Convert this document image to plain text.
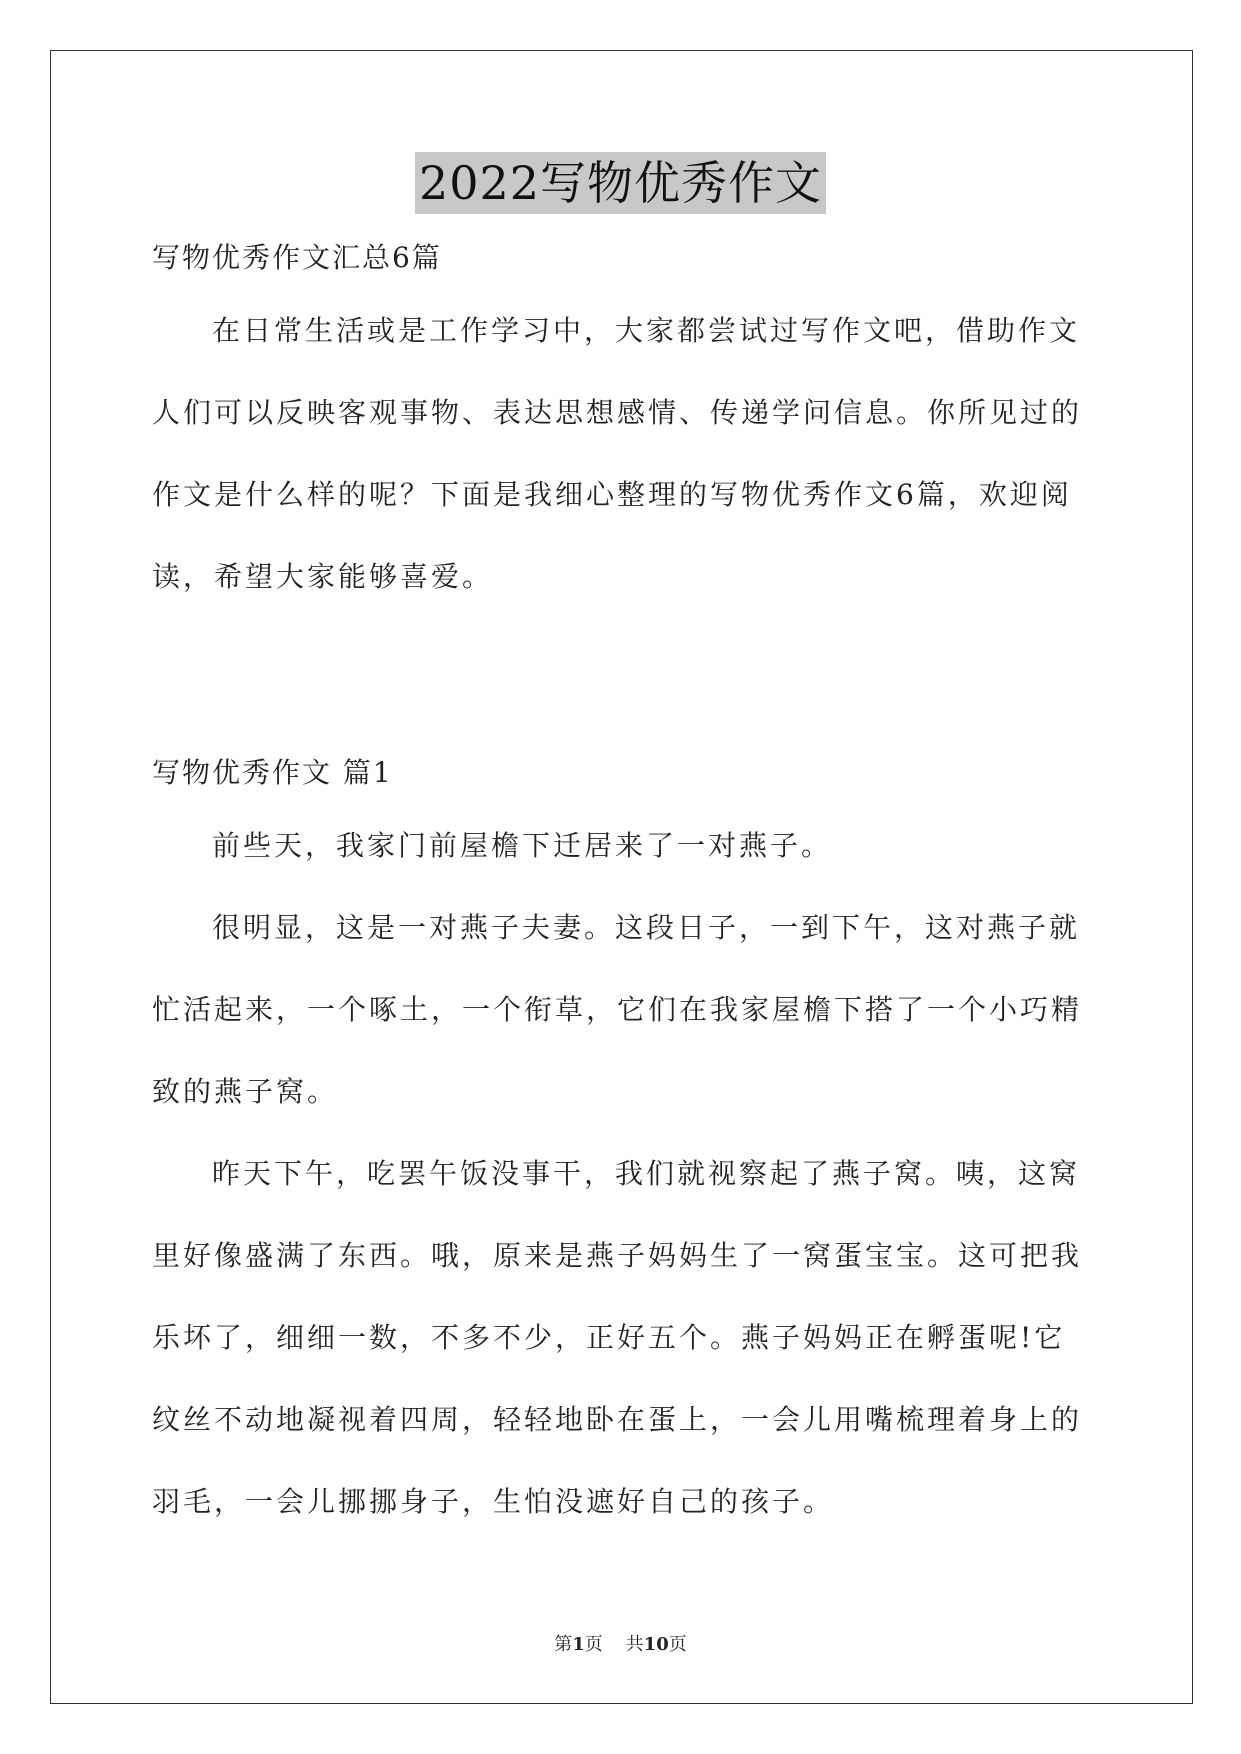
2022写物优秀作文
写物优秀作文汇总6篇

在日常生活或是工作学习中，大家都尝试过写作文吧，借助作文人们可以反映客观事物、表达思想感情、传递学问信息。你所见过的作文是什么样的呢？下面是我细心整理的写物优秀作文6篇，欢迎阅读，希望大家能够喜爱。

写物优秀作文 篇1

前些天，我家门前屋檐下迁居来了一对燕子。

很明显，这是一对燕子夫妻。这段日子，一到下午，这对燕子就忙活起来，一个啄土，一个衔草，它们在我家屋檐下搭了一个小巧精致的燕子窝。

昨天下午，吃罢午饭没事干，我们就视察起了燕子窝。咦，这窝里好像盛满了东西。哦，原来是燕子妈妈生了一窝蛋宝宝。这可把我乐坏了，细细一数，不多不少，正好五个。燕子妈妈正在孵蛋呢!它纹丝不动地凝视着四周，轻轻地卧在蛋上，一会儿用嘴梳理着身上的羽毛，一会儿挪挪身子，生怕没遮好自己的孩子。

第1页 共10页
